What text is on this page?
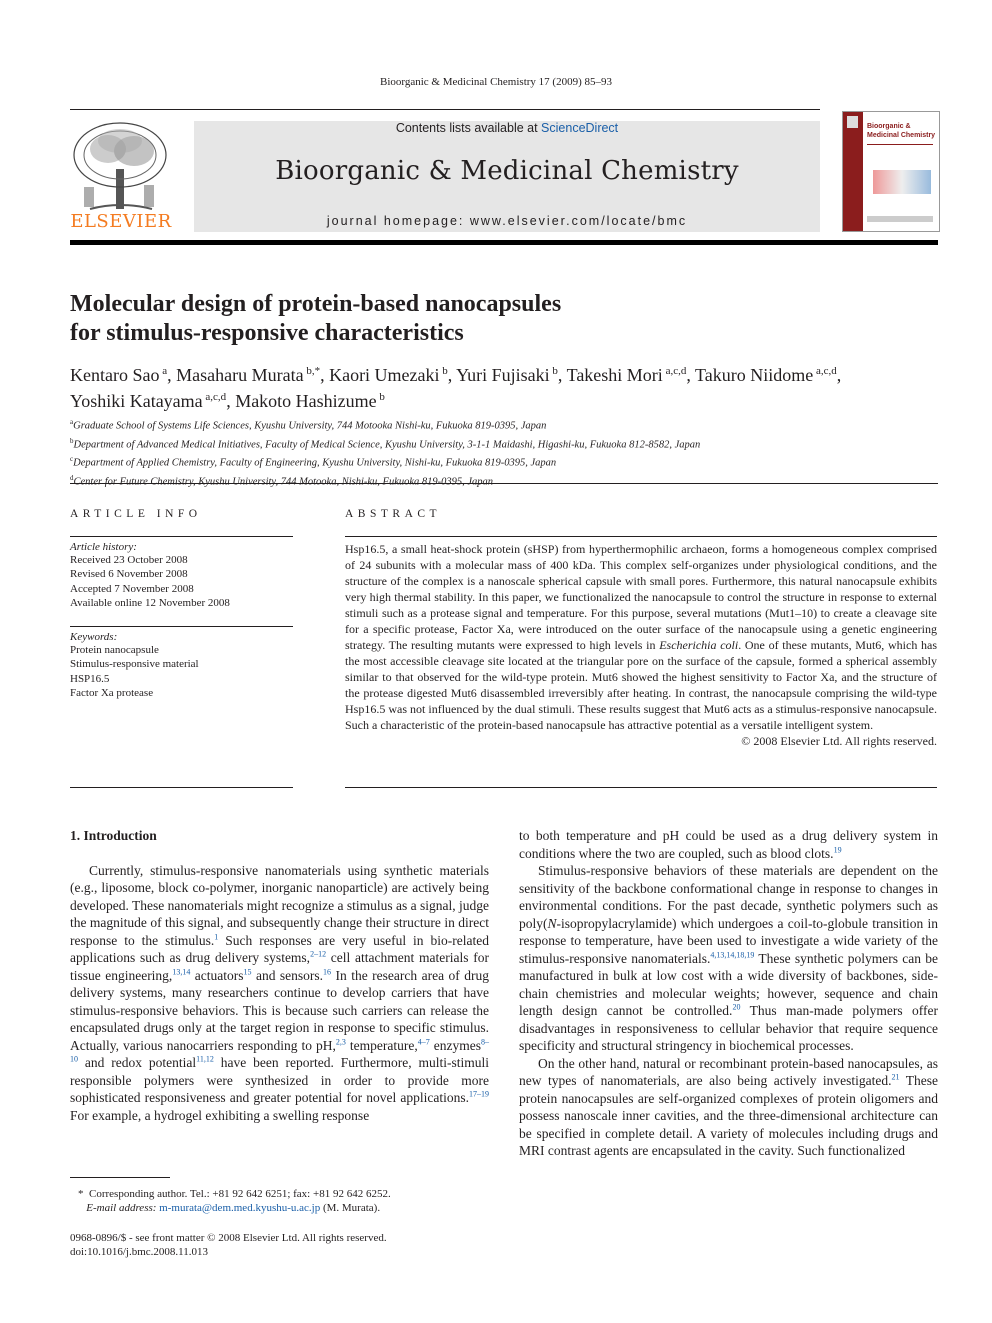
Bioorganic & Medicinal Chemistry 17 (2009) 85–93
ELSEVIER
Contents lists available at ScienceDirect
Bioorganic & Medicinal Chemistry
journal homepage: www.elsevier.com/locate/bmc
Bioorganic & Medicinal Chemistry
Molecular design of protein-based nanocapsules
for stimulus-responsive characteristics
Kentaro Sao $^a$, Masaharu Murata $^{b,*}$, Kaori Umezaki $^b$, Yuri Fujisaki $^b$, Takeshi Mori $^{a,c,d}$, Takuro Niidome $^{a,c,d}$,
Yoshiki Katayama $^{a,c,d}$, Makoto Hashizume $^b$
$^a$Graduate School of Systems Life Sciences, Kyushu University, 744 Motooka Nishi-ku, Fukuoka 819-0395, Japan
$^b$Department of Advanced Medical Initiatives, Faculty of Medical Science, Kyushu University, 3-1-1 Maidashi, Higashi-ku, Fukuoka 812-8582, Japan
$^c$Department of Applied Chemistry, Faculty of Engineering, Kyushu University, Nishi-ku, Fukuoka 819-0395, Japan
$^d$
ARTICLE INFO
Article history:
Received 23 October 2008
Revised 6 November 2008
Accepted 7 November 2008
Available online 12 November 2008
Keywords:
Protein nanocapsule
Stimulus-responsive material
HSP16.5
Factor Xa protease
ABSTRACT
Hsp16.5, a small heat-shock protein (sHSP) from hyperthermophilic archaeon, forms a homogeneous complex comprised of 24 subunits with a molecular mass of 400 kDa. This complex self-organizes under physiological conditions, and the structure of the complex is a nanoscale spherical capsule with small pores. Furthermore, this natural nanocapsule exhibits very high thermal stability. In this paper, we functionalized the nanocapsule to control the structure in response to external stimuli such as a protease signal and temperature. For this purpose, several mutations (Mut1–10) to create a cleavage site for a specific protease, Factor Xa, were introduced on the outer surface of the nanocapsule using a genetic engineering strategy. The resulting mutants were expressed to high levels in Escherichia coli. One of these mutants, Mut6, which has the most accessible cleavage site located at the triangular pore on the surface of the capsule, formed a spherical assembly similar to that observed for the wild-type protein. Mut6 showed the highest sensitivity to Factor Xa, and the structure of the protease digested Mut6 disassembled irreversibly after heating. In contrast, the nanocapsule comprising the wild-type Hsp16.5 was not influenced by the dual stimuli. These results suggest that Mut6 acts as a stimulus-responsive nanocapsule. Such a characteristic of the protein-based nanocapsule has attractive potential as a versatile intelligent system.
© 2008 Elsevier Ltd. All rights reserved.
1. Introduction

Currently, stimulus-responsive nanomaterials using synthetic materials (e.g., liposome, block co-polymer, inorganic nanoparticle) are actively being developed. These nanomaterials might recognize a stimulus as a signal, judge the magnitude of this signal, and subsequently change their structure in direct response to the stimulus.$^1$ Such responses are very useful in bio-related applications such as drug delivery systems,$^{2-12}$ cell attachment materials for tissue engineering,$^{13,14}$ actuators$^{15}$ and sensors.$^{16}$ In the research area of drug delivery systems, many researchers continue to develop carriers that have stimulus-responsive behaviors. This is because such carriers can release the encapsulated drugs only at the target region in response to specific stimulus. Actually, various nanocarriers responding to pH,$^{2,3}$ temperature,$^{4-7}$ enzymes$^{8-10}$ and redox potential$^{11,12}$ have been reported. Furthermore, multi-stimuli responsible polymers were synthesized in order to provide more sophisticated responsiveness and greater potential for novel applications.$^{17-19}$ For example, a hydrogel exhibiting a swelling response

to both temperature and pH could be used as a drug delivery system in conditions where the two are coupled, such as blood clots.$^{19}$

Stimulus-responsive behaviors of these materials are dependent on the sensitivity of the backbone conformational change in response to changes in environmental conditions. For the past decade, synthetic polymers such as poly(N-isopropylacrylamide) which undergoes a coil-to-globule transition in response to temperature, have been used to investigate a wide variety of the stimulus-responsive nanomaterials.$^{4,13,14,18,19}$ These synthetic polymers can be manufactured in bulk at low cost with a wide diversity of backbones, side-chain chemistries and molecular weights; however, sequence and chain length design cannot be controlled.$^{20}$ Thus man-made polymers offer disadvantages in responsiveness to cellular behavior that require sequence specificity and structural stringency in biochemical processes.

On the other hand, natural or recombinant protein-based nanocapsules, as new types of nanomaterials, are also being actively investigated.$^{21}$ These protein nanocapsules are self-organized complexes of protein oligomers and possess nanoscale inner cavities, and the three-dimensional architecture can be specified in complete detail. A variety of molecules including drugs and MRI contrast agents are encapsulated in the cavity. Such functionalized

* Corresponding author. Tel.: +81 92 642 6251; fax: +81 92 642 6252.
E-mail address: m-murata@dem.med.kyushu-u.ac.jp (M. Murata).
0968-0896/$ - see front matter © 2008 Elsevier Ltd. All rights reserved.
doi:10.1016/j.bmc.2008.11.013
